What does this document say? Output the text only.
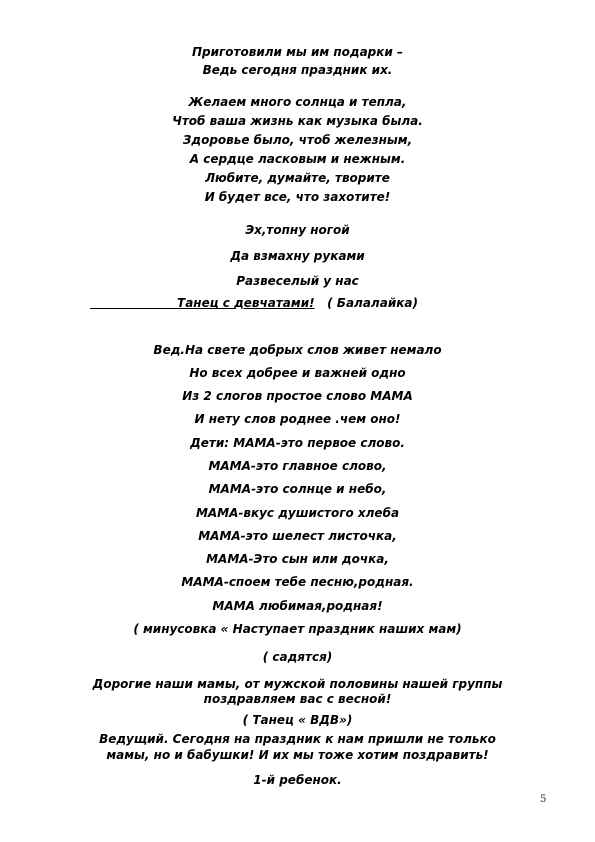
Приготовили мы им подарки –
Ведь сегодня праздник их.
Желаем много солнца и тепла,
Чтоб ваша жизнь как музыка была.
Здоровье было, чтоб железным,
А сердце ласковым и нежным.
Любите, думайте, творите
И будет все, что захотите!
Эх,топну ногой
Да взмахну руками
Развеселый у нас
Танец с девчатами! ( Балалайка)
Вед.На свете добрых слов живет немало
Но всех добрее и важней одно
Из 2 слогов простое слово МАМА
И нету слов роднее .чем оно!
Дети: МАМА-это первое слово.
МАМА-это главное слово,
МАМА-это солнце и небо,
МАМА-вкус душистого хлеба
МАМА-это шелест листочка,
МАМА-Это сын или дочка,
МАМА-споем тебе песню,родная.
МАМА любимая,родная!
( минусовка « Наступает праздник наших мам)
( садятся)
Дорогие наши мамы, от мужской половины нашей группы
поздравляем вас с весной!
( Танец « ВДВ»)
Ведущий. Сегодня на праздник к нам пришли не только
мамы, но и бабушки! И их мы тоже хотим поздравить!
1-й ребенок.
5
